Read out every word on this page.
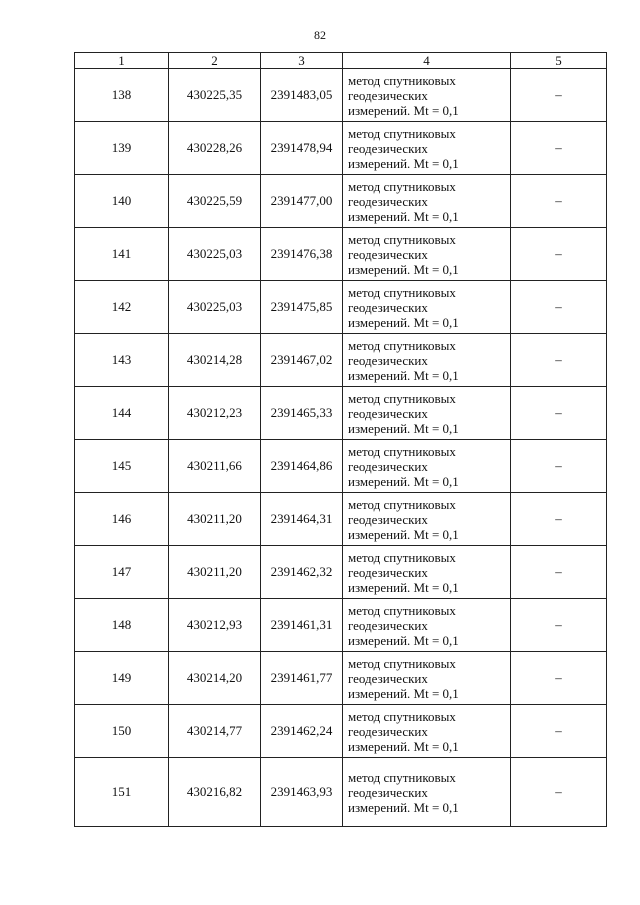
82
1	2	3	4	5
138	430225,35	2391483,05	метод спутниковых
геодезических
измерений. Mt = 0,1	–
139	430228,26	2391478,94	метод спутниковых
геодезических
измерений. Mt = 0,1	–
140	430225,59	2391477,00	метод спутниковых
геодезических
измерений. Mt = 0,1	–
141	430225,03	2391476,38	метод спутниковых
геодезических
измерений. Mt = 0,1	–
142	430225,03	2391475,85	метод спутниковых
геодезических
измерений. Mt = 0,1	–
143	430214,28	2391467,02	метод спутниковых
геодезических
измерений. Mt = 0,1	–
144	430212,23	2391465,33	метод спутниковых
геодезических
измерений. Mt = 0,1	–
145	430211,66	2391464,86	метод спутниковых
геодезических
измерений. Mt = 0,1	–
146	430211,20	2391464,31	метод спутниковых
геодезических
измерений. Mt = 0,1	–
147	430211,20	2391462,32	метод спутниковых
геодезических
измерений. Mt = 0,1	–
148	430212,93	2391461,31	метод спутниковых
геодезических
измерений. Mt = 0,1	–
149	430214,20	2391461,77	метод спутниковых
геодезических
измерений. Mt = 0,1	–
150	430214,77	2391462,24	метод спутниковых
геодезических
измерений. Mt = 0,1	–
151	430216,82	2391463,93	метод спутниковых
геодезических
измерений. Mt = 0,1	–
